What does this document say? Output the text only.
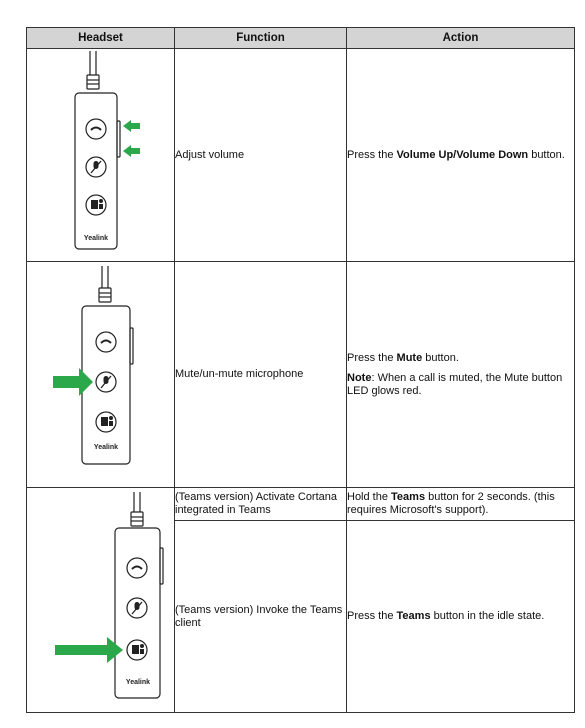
Headset	Function	Action

Yealink	Adjust volume	Press the Volume Up/Volume Down button.

Yealink	Mute/un-mute microphone	Press the Mute button.

Note: When a call is muted, the Mute button LED glows red.

Yealink	(Teams version) Activate Cortana integrated in Teams	Hold the Teams button for 2 seconds. (this requires Microsoft's support).

	(Teams version) Invoke the Teams client	Press the Teams button in the idle state.
